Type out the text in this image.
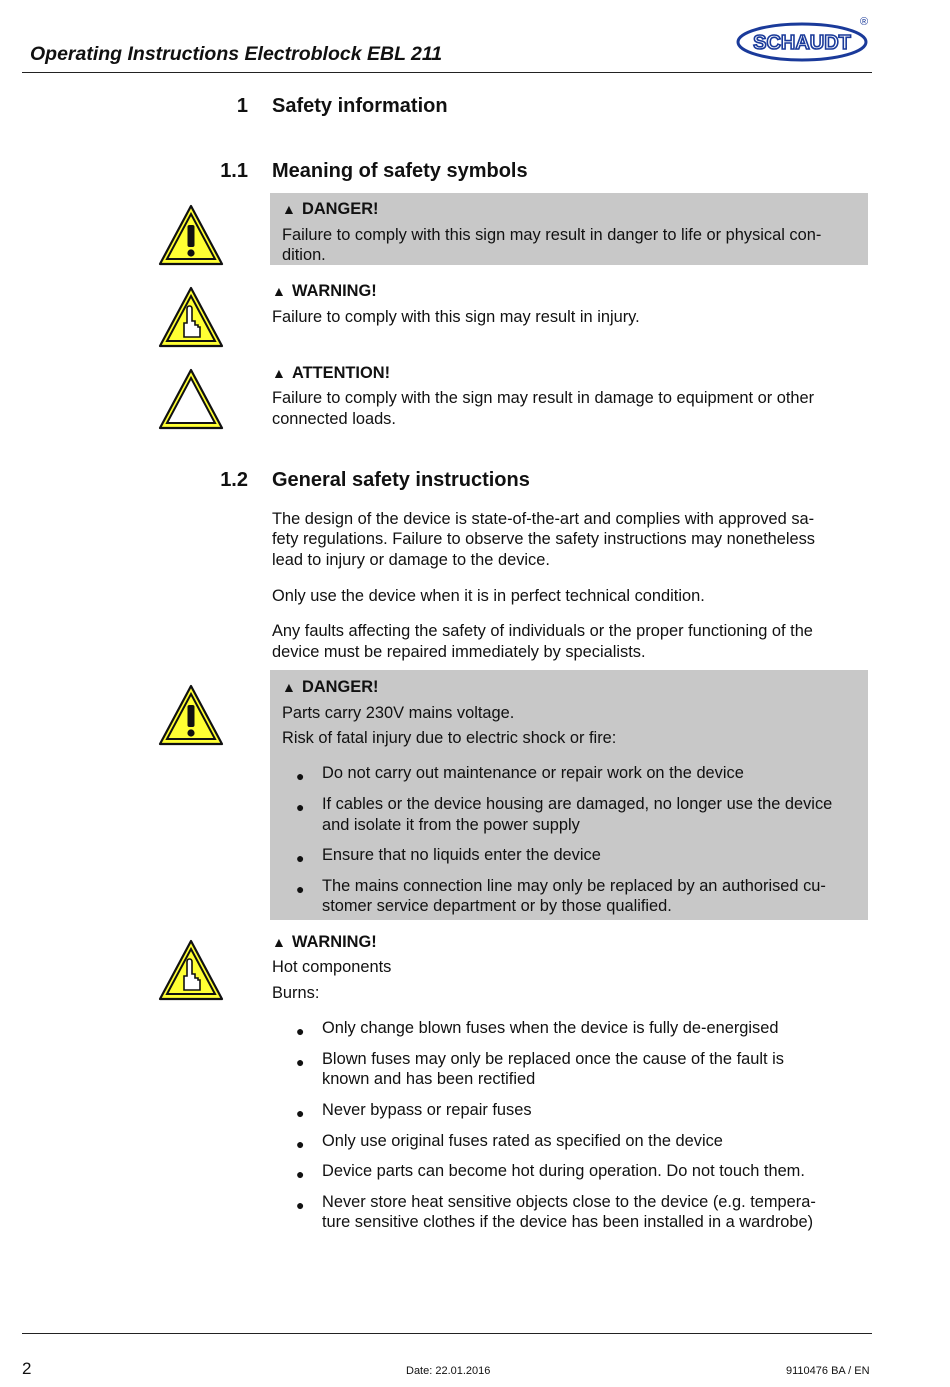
Operating Instructions Electroblock EBL 211	SCHAUDT
®
1 Safety information
1.1 Meaning of safety symbols
▲ DANGER!
Failure to comply with this sign may result in danger to life or physical con-
dition.
▲ WARNING!
Failure to comply with this sign may result in injury.
▲ ATTENTION!
Failure to comply with the sign may result in damage to equipment or other
connected loads.
1.2 General safety instructions
The design of the device is state-of-the-art and complies with approved sa-
fety regulations. Failure to observe the safety instructions may nonetheless
lead to injury or damage to the device.
Only use the device when it is in perfect technical condition.
Any faults affecting the safety of individuals or the proper functioning of the
device must be repaired immediately by specialists.
▲ DANGER!
Parts carry 230V mains voltage.
Risk of fatal injury due to electric shock or fire:
● Do not carry out maintenance or repair work on the device
● If cables or the device housing are damaged, no longer use the device
and isolate it from the power supply
● Ensure that no liquids enter the device
● The mains connection line may only be replaced by an authorised cu-
stomer service department or by those qualified.
▲ WARNING!
Hot components
Burns:
● Only change blown fuses when the device is fully de-energised
● Blown fuses may only be replaced once the cause of the fault is
known and has been rectified
● Never bypass or repair fuses
● Only use original fuses rated as specified on the device
● Device parts can become hot during operation. Do not touch them.
● Never store heat sensitive objects close to the device (e.g. tempera-
ture sensitive clothes if the device has been installed in a wardrobe)
2	Date: 22.01.2016	9110476 BA / EN
